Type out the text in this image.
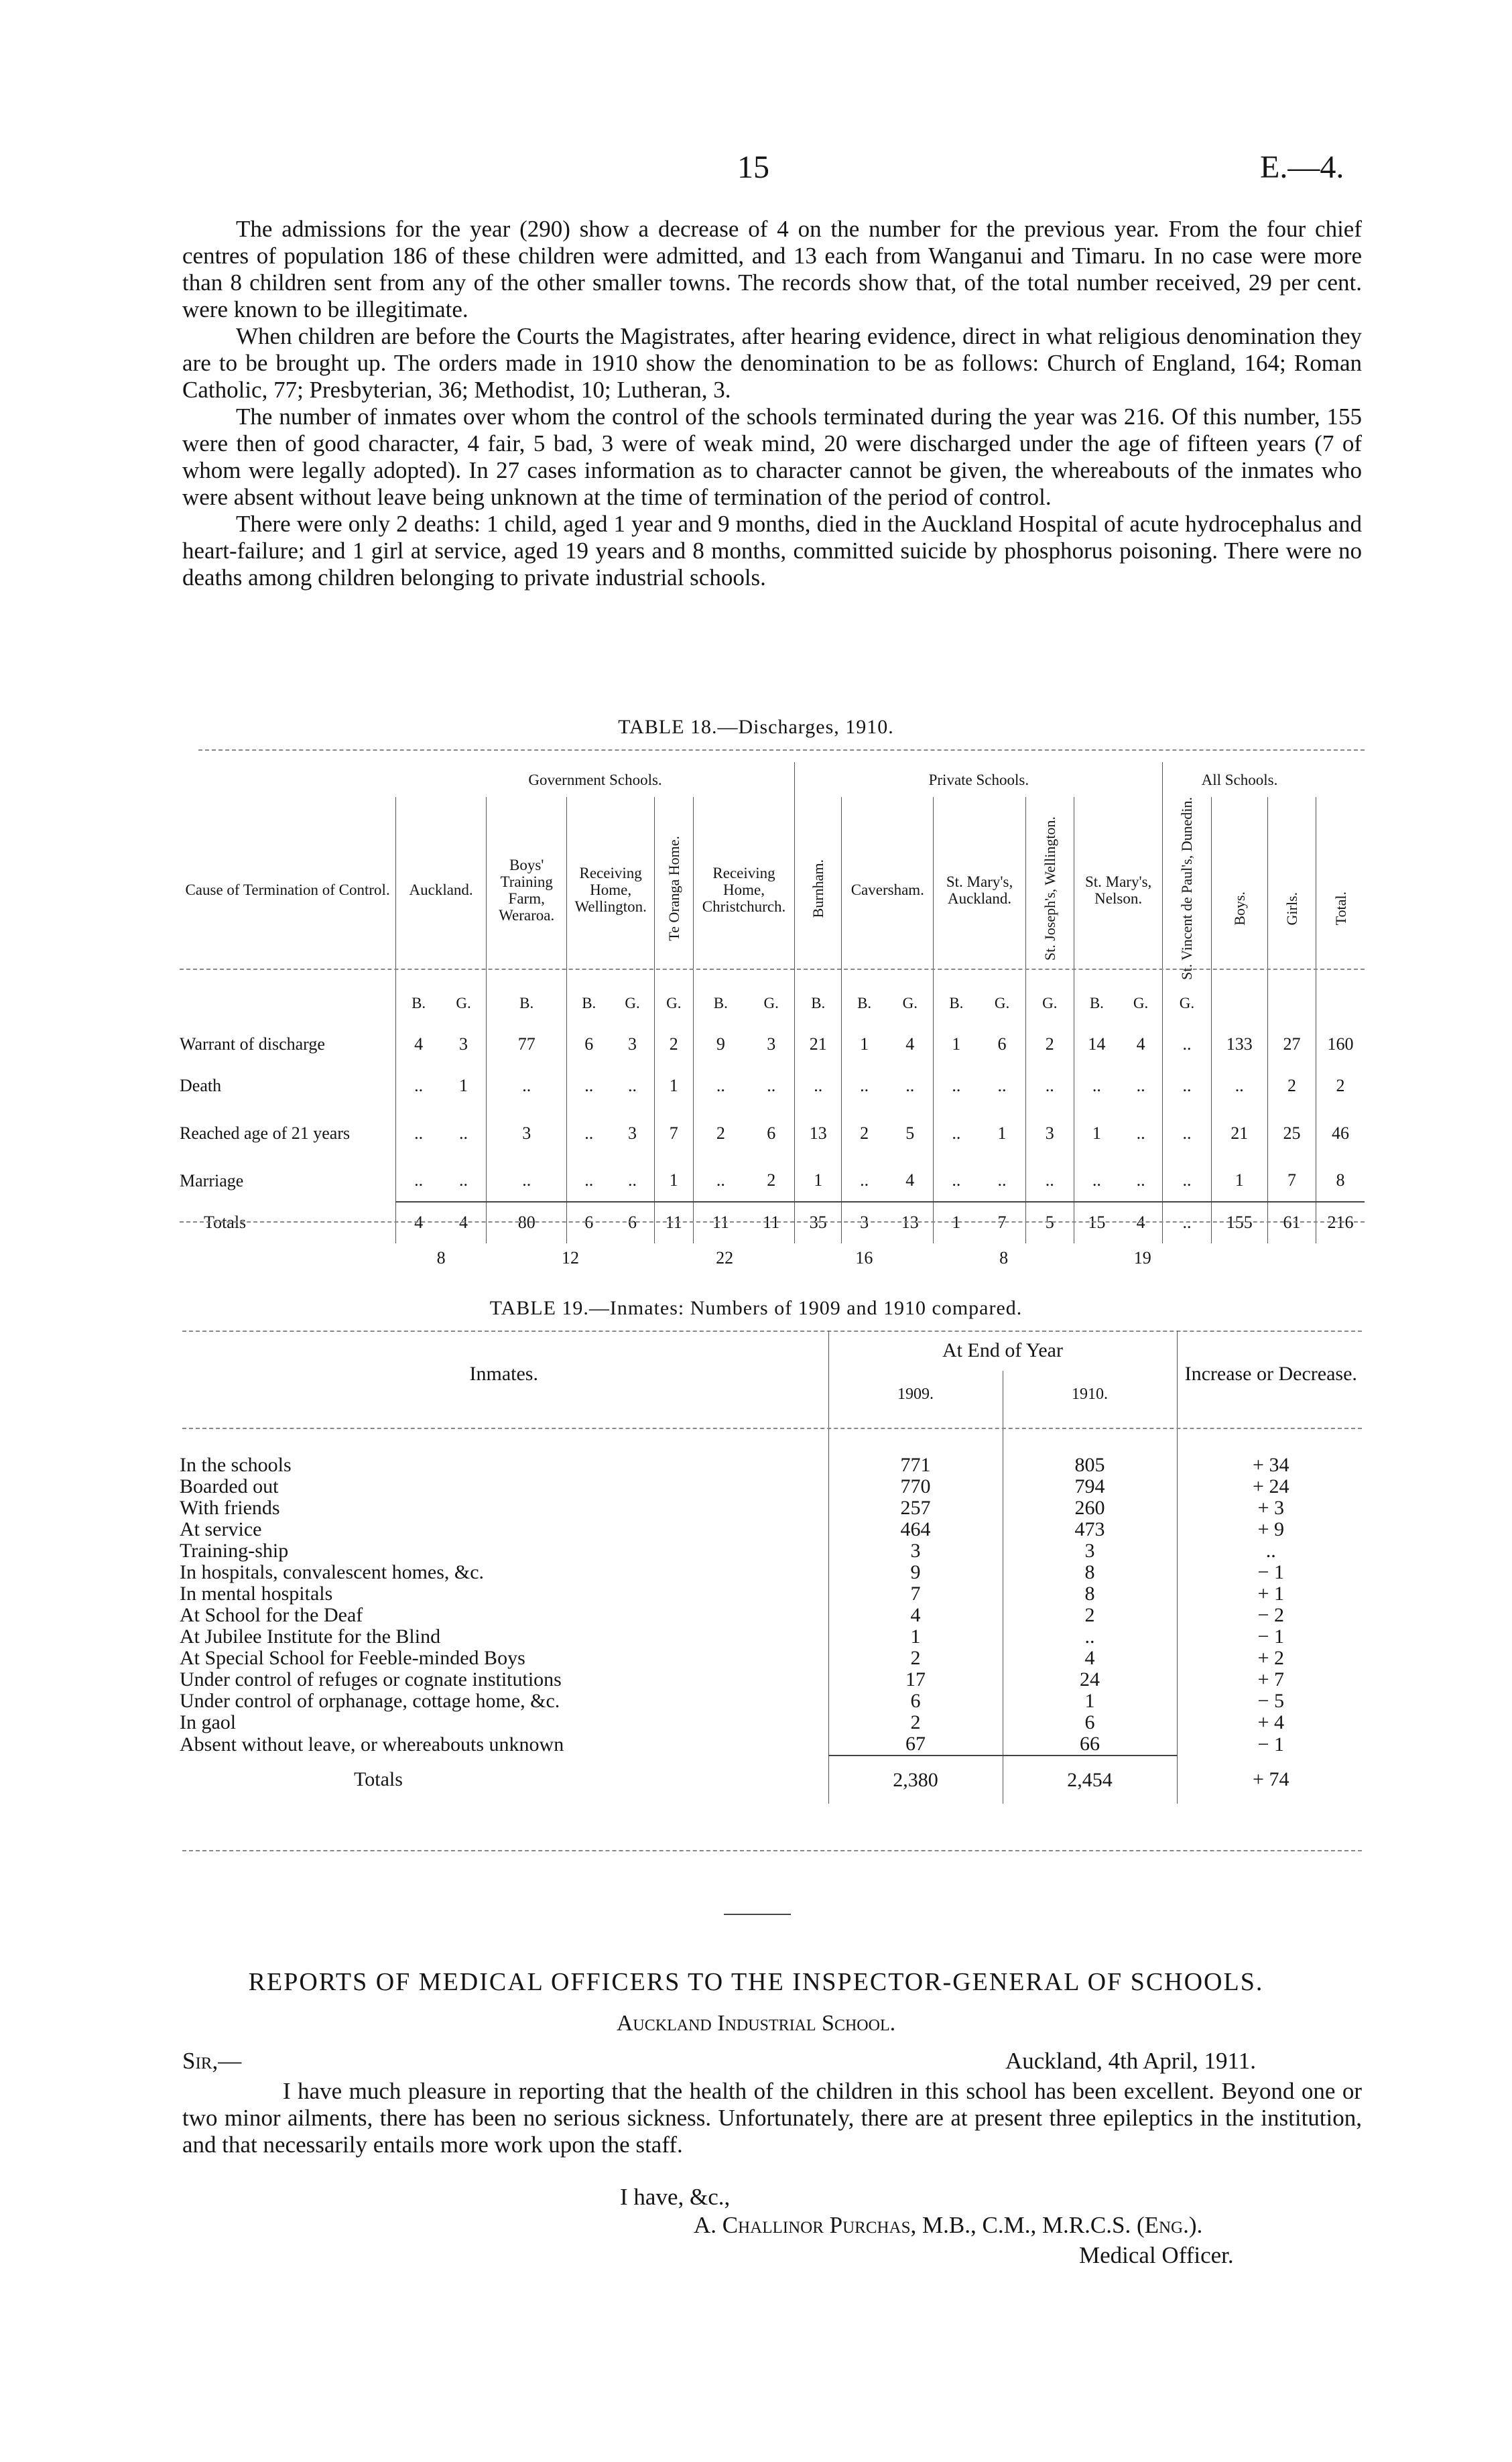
15	E.—4.

The admissions for the year (290) show a decrease of 4 on the number for the previous year. From the four chief centres of population 186 of these children were admitted, and 13 each from Wanganui and Timaru. In no case were more than 8 children sent from any of the other smaller towns. The records show that, of the total number received, 29 per cent. were known to be illegitimate.

When children are before the Courts the Magistrates, after hearing evidence, direct in what religious denomination they are to be brought up. The orders made in 1910 show the denomination to be as follows: Church of England, 164; Roman Catholic, 77; Presbyterian, 36; Methodist, 10; Lutheran, 3.

The number of inmates over whom the control of the schools terminated during the year was 216. Of this number, 155 were then of good character, 4 fair, 5 bad, 3 were of weak mind, 20 were discharged under the age of fifteen years (7 of whom were legally adopted). In 27 cases information as to character cannot be given, the whereabouts of the inmates who were absent without leave being unknown at the time of termination of the period of control.

There were only 2 deaths: 1 child, aged 1 year and 9 months, died in the Auckland Hospital of acute hydrocephalus and heart-failure; and 1 girl at service, aged 19 years and 8 months, committed suicide by phosphorus poisoning. There were no deaths among children belonging to private industrial schools.

TABLE 18.—Discharges, 1910.
	Government Schools.								Private Schools.								All Schools.			
Cause of Termination of Control.	Auckland.		Boys' Training Farm, Weraroa.	Receiving Home, Wellington.		Te Oranga Home.	Receiving Home, Christchurch.		Burnham.	Caversham.		St. Mary's, Auckland.		St. Joseph's, Wellington.	St. Mary's, Nelson.		St. Vincent de Paul's, Dunedin.	Boys.	Girls.	Total.
	B.	G.	B.	B.	G.	G.	B.	G.	B.	B.	G.	B.	G.	G.	B.	G.	G.			
Warrant of discharge	4	3	77	6	3	2	9	3	21	1	4	1	6	2	14	4	..	133	27	160
Death	..	1	..	..	..	1	..	..	..	..	..	..	..	..	..	..	..	..	2	2
Reached age of 21 years	..	..	3	..	3	7	2	6	13	2	5	..	1	3	1	..	..	21	25	46
Marriage	..	..	..	..	..	1	..	2	1	..	4	..	..	..	..	..	..	1	7	8
Totals	4	4	80	6	6	11	11	11	35	3	13	1	7	5	15	4	..	155	61	216
	8		12			22			16			8			19					
TABLE 19.—Inmates: Numbers of 1909 and 1910 compared.
Inmates.	At End of Year		Increase or Decrease.
	1909.	1910.	

In the schools	771	805	+ 34
Boarded out	770	794	+ 24
With friends	257	260	+ 3
At service	464	473	+ 9
Training-ship	3	3	..
In hospitals, convalescent homes, &c.	9	8	− 1
In mental hospitals	7	8	+ 1
At School for the Deaf	4	2	− 2
At Jubilee Institute for the Blind	1	..	− 1
At Special School for Feeble-minded Boys	2	4	+ 2
Under control of refuges or cognate institutions	17	24	+ 7
Under control of orphanage, cottage home, &c.	6	1	− 5
In gaol	2	6	+ 4
Absent without leave, or whereabouts unknown	67	66	− 1
Totals	2,380	2,454	+ 74
REPORTS OF MEDICAL OFFICERS TO THE INSPECTOR-GENERAL OF SCHOOLS.
Auckland Industrial School.
Sir,—	Auckland, 4th April, 1911.
I have much pleasure in reporting that the health of the children in this school has been excellent. Beyond one or two minor ailments, there has been no serious sickness. Unfortunately, there are at present three epileptics in the institution, and that necessarily entails more work upon the staff.
I have, &c.,
A. Challinor Purchas, M.B., C.M., M.R.C.S. (Eng.).
Medical Officer.
